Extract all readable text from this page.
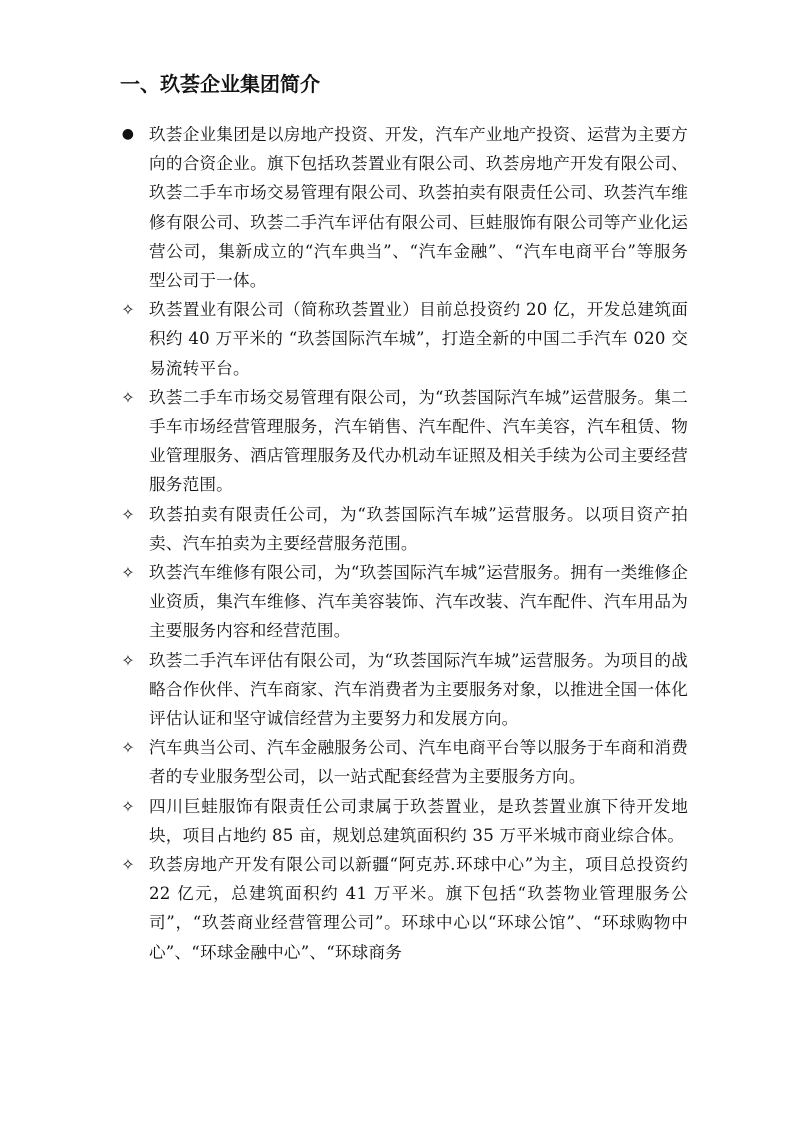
一、玖荟企业集团简介
● 玖荟企业集团是以房地产投资、开发，汽车产业地产投资、运营为主要方向的合资企业。旗下包括玖荟置业有限公司、玖荟房地产开发有限公司、玖荟二手车市场交易管理有限公司、玖荟拍卖有限责任公司、玖荟汽车维修有限公司、玖荟二手汽车评估有限公司、巨蛙服饰有限公司等产业化运营公司，集新成立的“汽车典当”、“汽车金融”、“汽车电商平台”等服务型公司于一体。
✧ 玖荟置业有限公司（简称玖荟置业）目前总投资约 20 亿，开发总建筑面积约 40 万平米的 “玖荟国际汽车城”，打造全新的中国二手汽车 020 交易流转平台。
✧ 玖荟二手车市场交易管理有限公司，为“玖荟国际汽车城”运营服务。集二手车市场经营管理服务，汽车销售、汽车配件、汽车美容，汽车租赁、物业管理服务、酒店管理服务及代办机动车证照及相关手续为公司主要经营服务范围。
✧ 玖荟拍卖有限责任公司，为“玖荟国际汽车城”运营服务。以项目资产拍卖、汽车拍卖为主要经营服务范围。
✧ 玖荟汽车维修有限公司，为“玖荟国际汽车城”运营服务。拥有一类维修企业资质，集汽车维修、汽车美容装饰、汽车改装、汽车配件、汽车用品为主要服务内容和经营范围。
✧ 玖荟二手汽车评估有限公司，为“玖荟国际汽车城”运营服务。为项目的战略合作伙伴、汽车商家、汽车消费者为主要服务对象，以推进全国一体化评估认证和坚守诚信经营为主要努力和发展方向。
✧ 汽车典当公司、汽车金融服务公司、汽车电商平台等以服务于车商和消费者的专业服务型公司，以一站式配套经营为主要服务方向。
✧ 四川巨蛙服饰有限责任公司隶属于玖荟置业，是玖荟置业旗下待开发地块，项目占地约 85 亩，规划总建筑面积约 35 万平米城市商业综合体。
✧ 玖荟房地产开发有限公司以新疆“阿克苏.环球中心”为主，项目总投资约 22 亿元，总建筑面积约 41 万平米。旗下包括“玖荟物业管理服务公司”，“玖荟商业经营管理公司”。环球中心以“环球公馆”、“环球购物中心”、“环球金融中心”、“环球商务
